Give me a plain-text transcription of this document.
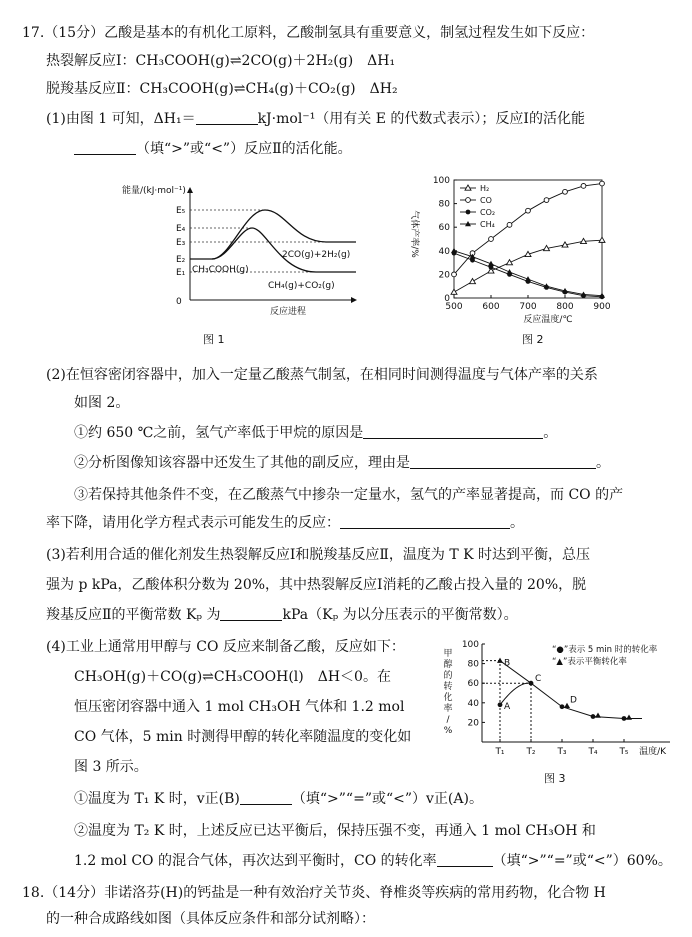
17.（15分）乙酸是基本的有机化工原料，乙酸制氢具有重要意义，制氢过程发生如下反应：
热裂解反应Ⅰ：CH₃COOH(g)⇌2CO(g)＋2H₂(g)　ΔH₁
脱羧基反应Ⅱ：CH₃COOH(g)⇌CH₄(g)＋CO₂(g)　ΔH₂
(1)由图 1 可知，ΔH₁＝	kJ·mol⁻¹（用有关 E 的代数式表示）；反应Ⅰ的活化能
（填“>”或“<”）反应Ⅱ的活化能。
能量/(kJ·mol⁻¹)
0
E₅
E₄
E₃
E₂
E₁
2CO(g)+2H₂(g)
CH₃COOH(g)
CH₄(g)+CO₂(g)
反应进程
图 1
0
20
40
60
80
100
500 600 700 800 900
反应温度/℃
气体产率/%
H₂
CO
CO₂
CH₄
图 2
(2)在恒容密闭容器中，加入一定量乙酸蒸气制氢，在相同时间测得温度与气体产率的关系
如图 2。
①约 650 ℃之前，氢气产率低于甲烷的原因是	。
②分析图像知该容器中还发生了其他的副反应，理由是	。
③若保持其他条件不变，在乙酸蒸气中掺杂一定量水，氢气的产率显著提高，而 CO 的产
率下降，请用化学方程式表示可能发生的反应：	。
(3)若利用合适的催化剂发生热裂解反应Ⅰ和脱羧基反应Ⅱ，温度为 T K 时达到平衡，总压
强为 p kPa，乙酸体积分数为 20%，其中热裂解反应Ⅰ消耗的乙酸占投入量的 20%，脱
羧基反应Ⅱ的平衡常数 Kₚ 为	kPa（Kₚ 为以分压表示的平衡常数）。
(4)工业上通常用甲醇与 CO 反应来制备乙酸，反应如下：
CH₃OH(g)＋CO(g)⇌CH₃COOH(l)　ΔH＜0。在
恒压密闭容器中通入 1 mol CH₃OH 气体和 1.2 mol
CO 气体，5 min 时测得甲醇的转化率随温度的变化如
图 3 所示。
①温度为 T₁ K 时，v正(B)	（填“>”“=”或“<”）v正(A)。
②温度为 T₂ K 时，上述反应已达平衡后，保持压强不变，再通入 1 mol CH₃OH 和
1.2 mol CO 的混合气体，再次达到平衡时，CO 的转化率	（填“>”“=”或“<”）60%。
20
40
60
80
100
甲
醇
的
转
化
率
/
%
T₁ T₂ T₃ T₄ T₅ 温度/K
A
B
C
D
“●”表示 5 min 时的转化率
“▲”表示平衡转化率
图 3
18.（14分）非诺洛芬(H)的钙盐是一种有效治疗关节炎、脊椎炎等疾病的常用药物，化合物 H
的一种合成路线如图（具体反应条件和部分试剂略）：
